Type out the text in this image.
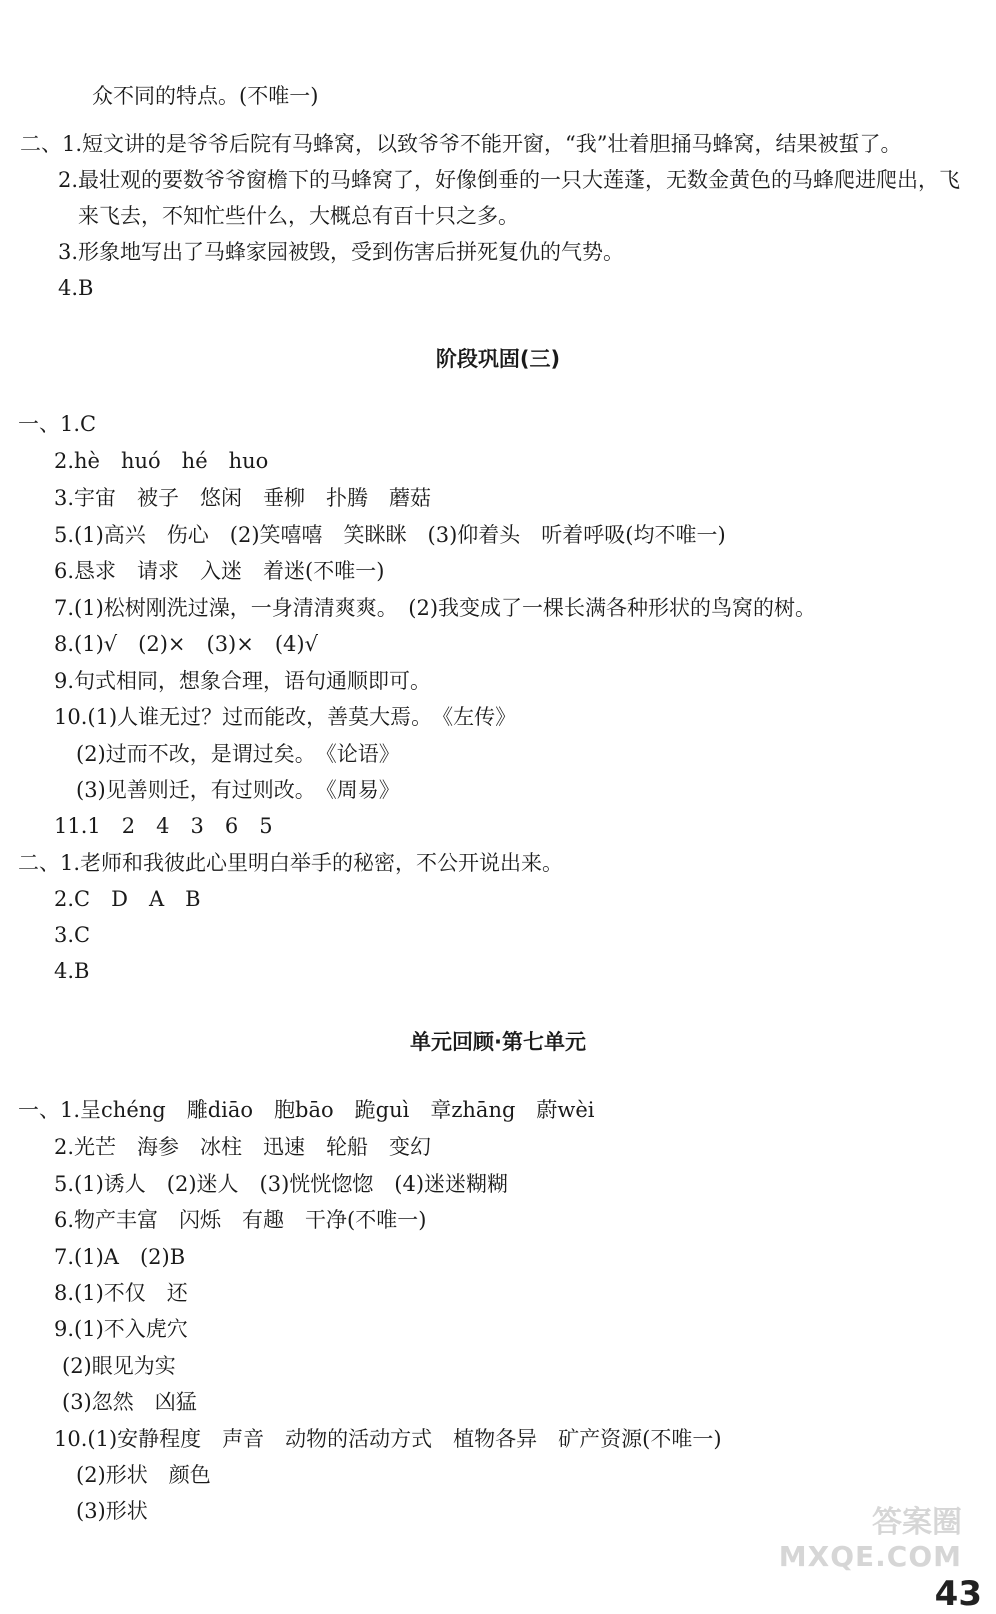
众不同的特点。(不唯一)
二、1.短文讲的是爷爷后院有马蜂窝，以致爷爷不能开窗，“我”壮着胆捅马蜂窝，结果被蜇了。
2.最壮观的要数爷爷窗檐下的马蜂窝了，好像倒垂的一只大莲蓬，无数金黄色的马蜂爬进爬出，飞
来飞去，不知忙些什么，大概总有百十只之多。
3.形象地写出了马蜂家园被毁，受到伤害后拼死复仇的气势。
4.B
阶段巩固(三)
一、1.C
2.hè　huó　hé　huo
3.宇宙　被子　悠闲　垂柳　扑腾　蘑菇
5.(1)高兴　伤心　(2)笑嘻嘻　笑眯眯　(3)仰着头　听着呼吸(均不唯一)
6.恳求　请求　入迷　着迷(不唯一)
7.(1)松树刚洗过澡，一身清清爽爽。　(2)我变成了一棵长满各种形状的鸟窝的树。
8.(1)√　(2)×　(3)×　(4)√
9.句式相同，想象合理，语句通顺即可。
10.(1)人谁无过？过而能改，善莫大焉。　《左传》
(2)过而不改，是谓过矣。　《论语》
(3)见善则迁，有过则改。　《周易》
11.1　2　4　3　6　5
二、1.老师和我彼此心里明白举手的秘密，不公开说出来。
2.C　D　A　B
3.C
4.B
单元回顾·第七单元
一、1.呈chéng　雕diāo　胞bāo　跪guì　章zhāng　蔚wèi
2.光芒　海参　冰柱　迅速　轮船　变幻
5.(1)诱人　(2)迷人　(3)恍恍惚惚　(4)迷迷糊糊
6.物产丰富　闪烁　有趣　干净(不唯一)
7.(1)A　(2)B
8.(1)不仅　还
9.(1)不入虎穴
(2)眼见为实
(3)忽然　凶猛
10.(1)安静程度　声音　动物的活动方式　植物各异　矿产资源(不唯一)
(2)形状　颜色
(3)形状	答案圈
MXQE.COM
43
